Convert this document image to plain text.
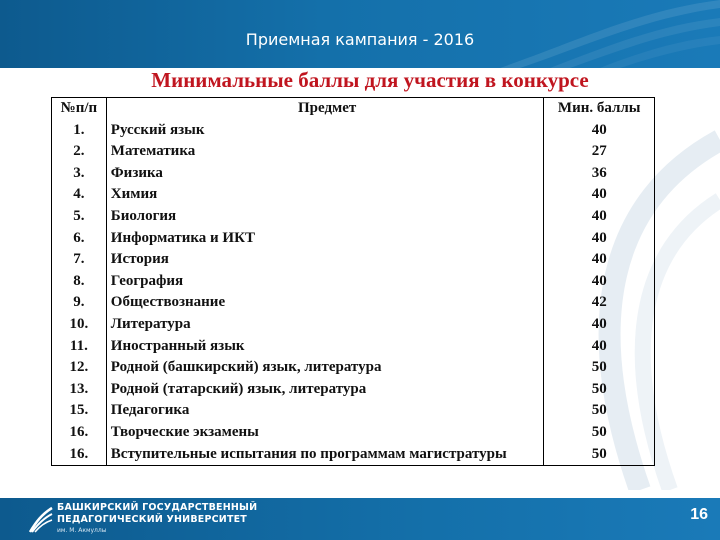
Приемная кампания - 2016
Минимальные баллы для участия в конкурсе
№п/п	Предмет	Мин. баллы
1.	Русский язык	40
2.	Математика	27
3.	Физика	36
4.	Химия	40
5.	Биология	40
6.	Информатика и ИКТ	40
7.	История	40
8.	География	40
9.	Обществознание	42
10.	Литература	40
11.	Иностранный язык	40
12.	Родной (башкирский) язык, литература	50
13.	Родной (татарский) язык, литература	50
15.	Педагогика	50
16.	Творческие экзамены	50
16.	Вступительные испытания по программам магистратуры	50
БАШКИРСКИЙ ГОСУДАРСТВЕННЫЙ
ПЕДАГОГИЧЕСКИЙ УНИВЕРСИТЕТ
им. М. Акмуллы
16
